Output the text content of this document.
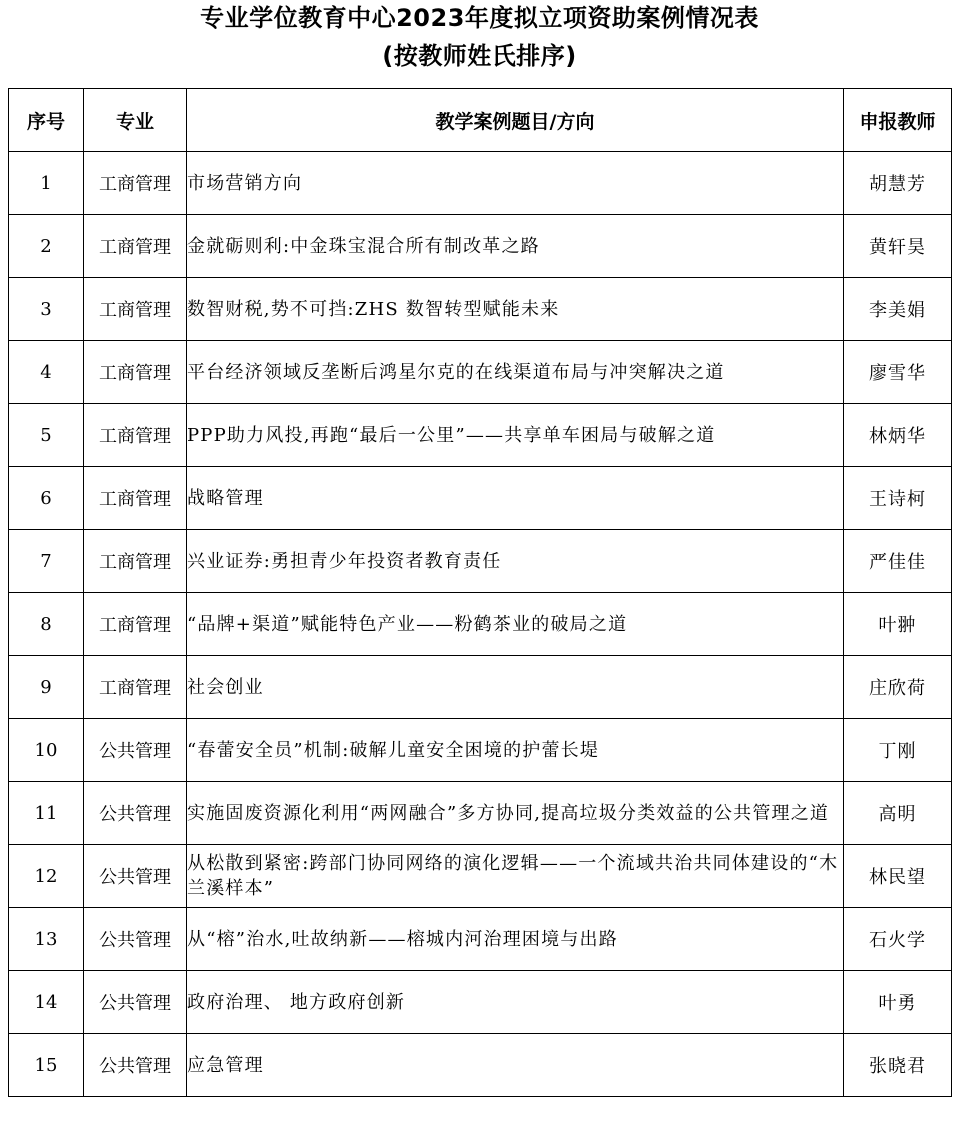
专业学位教育中心2023年度拟立项资助案例情况表
(按教师姓氏排序)
序号	专业	教学案例题目/方向	申报教师
1	工商管理	市场营销方向	胡慧芳
2	工商管理	金就砺则利:中金珠宝混合所有制改革之路	黄轩昊
3	工商管理	数智财税,势不可挡:ZHS 数智转型赋能未来	李美娟
4	工商管理	平台经济领域反垄断后鸿星尔克的在线渠道布局与冲突解决之道	廖雪华
5	工商管理	PPP助力风投,再跑“最后一公里”——共享单车困局与破解之道	林炳华
6	工商管理	战略管理	王诗柯
7	工商管理	兴业证券:勇担青少年投资者教育责任	严佳佳
8	工商管理	“品牌+渠道”赋能特色产业——粉鹤茶业的破局之道	叶翀
9	工商管理	社会创业	庄欣荷
10	公共管理	“春蕾安全员”机制:破解儿童安全困境的护蕾长堤	丁刚
11	公共管理	实施固废资源化利用“两网融合”多方协同,提高垃圾分类效益的公共管理之道	高明
12	公共管理	从松散到紧密:跨部门协同网络的演化逻辑——一个流域共治共同体建设的“木兰溪样本”	林民望
13	公共管理	从“榕”治水,吐故纳新——榕城内河治理困境与出路	石火学
14	公共管理	政府治理、 地方政府创新	叶勇
15	公共管理	应急管理	张晓君
